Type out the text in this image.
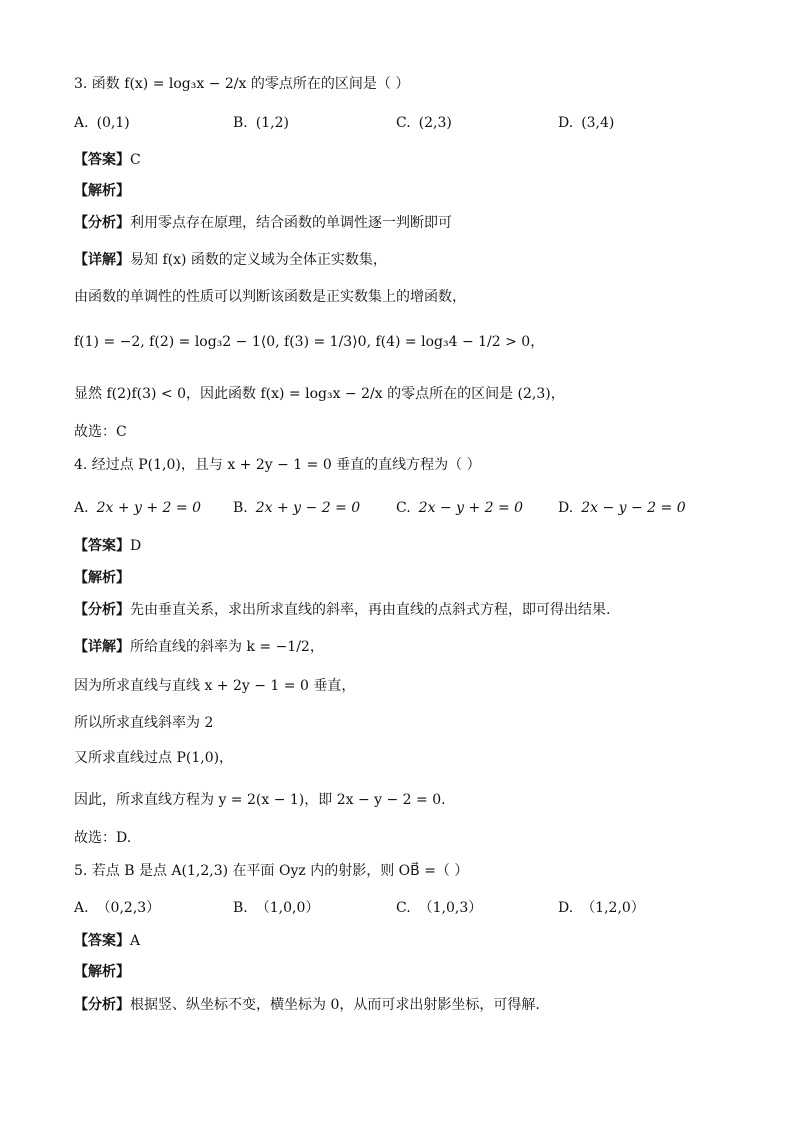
3. 函数 f(x) = log₃x − 2/x 的零点所在的区间是（ ）
A. (0,1)	B. (1,2)	C. (2,3)	D. (3,4)
【答案】C
【解析】
【分析】利用零点存在原理，结合函数的单调性逐一判断即可
【详解】易知 f(x) 函数的定义域为全体正实数集，
由函数的单调性的性质可以判断该函数是正实数集上的增函数，
f(1) = −2, f(2) = log₃2 − 1⟨0, f(3) = 1/3⟩0, f(4) = log₃4 − 1/2 > 0，
显然 f(2)f(3) < 0，因此函数 f(x) = log₃x − 2/x 的零点所在的区间是 (2,3)，
故选：C
4. 经过点 P(1,0)，且与 x + 2y − 1 = 0 垂直的直线方程为（ ）
A. 2x + y + 2 = 0 B. 2x + y − 2 = 0	C. 2x − y + 2 = 0 D. 2x − y − 2 = 0
【答案】D
【解析】
【分析】先由垂直关系，求出所求直线的斜率，再由直线的点斜式方程，即可得出结果.
【详解】所给直线的斜率为 k = −1/2，
因为所求直线与直线 x + 2y − 1 = 0 垂直，
所以所求直线斜率为 2
又所求直线过点 P(1,0)，
因此，所求直线方程为 y = 2(x − 1)，即 2x − y − 2 = 0.
故选：D.
5. 若点 B 是点 A(1,2,3) 在平面 Oyz 内的射影，则 OB⃗ =（ ）
A. （0,2,3）	B. （1,0,0）	C. （1,0,3）	D. （1,2,0）
【答案】A
【解析】
【分析】根据竖、纵坐标不变，横坐标为 0，从而可求出射影坐标，可得解.
